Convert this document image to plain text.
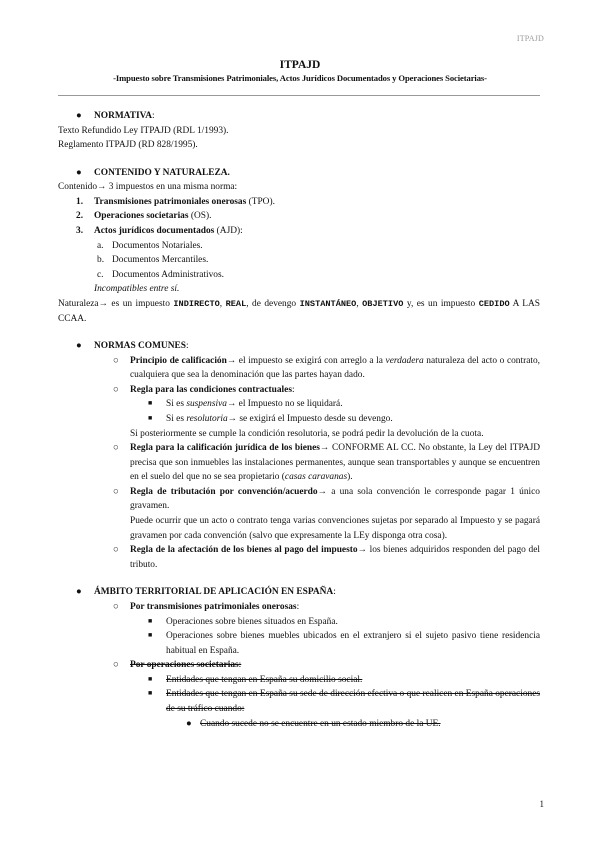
ITPAJD
ITPAJD
-Impuesto sobre Transmisiones Patrimoniales, Actos Jurídicos Documentados y Operaciones Societarias-

● NORMATIVA:

Texto Refundido Ley ITPAJD (RDL 1/1993).

Reglamento ITPAJD (RD 828/1995).

● CONTENIDO Y NATURALEZA.

Contenido→ 3 impuestos en una misma norma:

1. Transmisiones patrimoniales onerosas (TPO).

2. Operaciones societarias (OS).

3. Actos jurídicos documentados (AJD):

a. Documentos Notariales.

b. Documentos Mercantiles.

c. Documentos Administrativos.

Incompatibles entre sí.

Naturaleza→ es un impuesto INDIRECTO, REAL, de devengo INSTANTÁNEO, OBJETIVO y, es un impuesto CEDIDO A LAS CCAA.

● NORMAS COMUNES:

○ Principio de calificación→ el impuesto se exigirá con arreglo a la verdadera naturaleza del acto o contrato, cualquiera que sea la denominación que las partes hayan dado.

○ Regla para las condiciones contractuales:

■ Si es suspensiva→ el Impuesto no se liquidará.

■ Si es resolutoria→ se exigirá el Impuesto desde su devengo.

Si posteriormente se cumple la condición resolutoria, se podrá pedir la devolución de la cuota.

○ Regla para la calificación jurídica de los bienes→ CONFORME AL CC. No obstante, la Ley del ITPAJD precisa que son inmuebles las instalaciones permanentes, aunque sean transportables y aunque se encuentren en el suelo del que no se sea propietario (casas caravanas).

○ Regla de tributación por convención/acuerdo→ a una sola convención le corresponde pagar 1 único gravamen.

Puede ocurrir que un acto o contrato tenga varias convenciones sujetas por separado al Impuesto y se pagará gravamen por cada convención (salvo que expresamente la LEy disponga otra cosa).

○ Regla de la afectación de los bienes al pago del impuesto→ los bienes adquiridos responden del pago del tributo.

● ÁMBITO TERRITORIAL DE APLICACIÓN EN ESPAÑA:

○ Por transmisiones patrimoniales onerosas:

■ Operaciones sobre bienes situados en España.

■ Operaciones sobre bienes muebles ubicados en el extranjero si el sujeto pasivo tiene residencia habitual en España.

○ Por operaciones societarias:

■ Entidades que tengan en España su domicilio social.

■ Entidades que tengan en España su sede de dirección efectiva o que realicen en España operaciones de su tráfico cuando:

● Cuando sucede no se encuentre en un estado miembro de la UE.

1
